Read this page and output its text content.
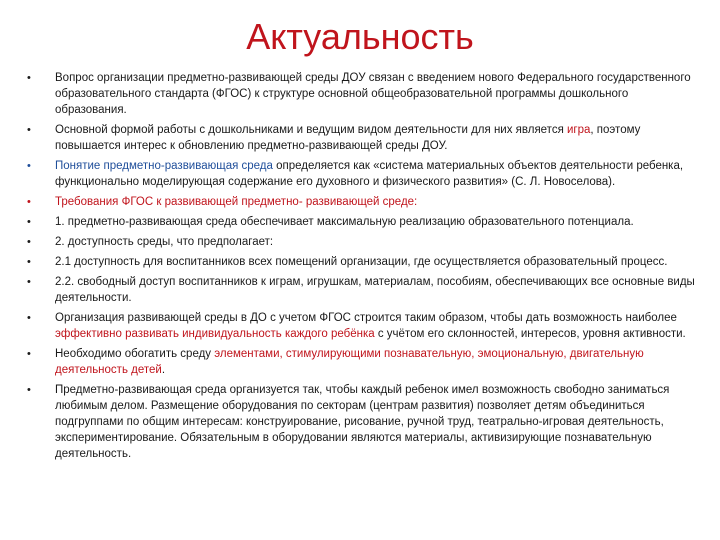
Актуальность
• Вопрос организации предметно-развивающей среды ДОУ связан с введением нового Федерального государственного образовательного стандарта (ФГОС) к структуре основной общеобразовательной программы дошкольного образования.
• Основной формой работы с дошкольниками и ведущим видом деятельности для них является игра, поэтому повышается интерес к обновлению предметно-развивающей среды ДОУ.
• Понятие предметно-развивающая среда определяется как «система материальных объектов деятельности ребенка, функционально моделирующая содержание его духовного и физического развития» (С. Л. Новоселова).
• Требования ФГОС к развивающей предметно- развивающей среде:
• 1. предметно-развивающая среда обеспечивает максимальную реализацию образовательного потенциала.
• 2. доступность среды, что предполагает:
• 2.1 доступность для воспитанников всех помещений организации, где осуществляется образовательный процесс.
• 2.2. свободный доступ воспитанников к играм, игрушкам, материалам, пособиям, обеспечивающих все основные виды деятельности.
• Организация развивающей среды в ДО с учетом ФГОС строится таким образом, чтобы дать возможность наиболее эффективно развивать индивидуальность каждого ребёнка с учётом его склонностей, интересов, уровня активности.
• Необходимо обогатить среду элементами, стимулирующими познавательную, эмоциональную, двигательную деятельность детей.
• Предметно-развивающая среда организуется так, чтобы каждый ребенок имел возможность свободно заниматься любимым делом. Размещение оборудования по секторам (центрам развития) позволяет детям объединиться подгруппами по общим интересам: конструирование, рисование, ручной труд, театрально-игровая деятельность, экспериментирование. Обязательным в оборудовании являются материалы, активизирующие познавательную деятельность.
